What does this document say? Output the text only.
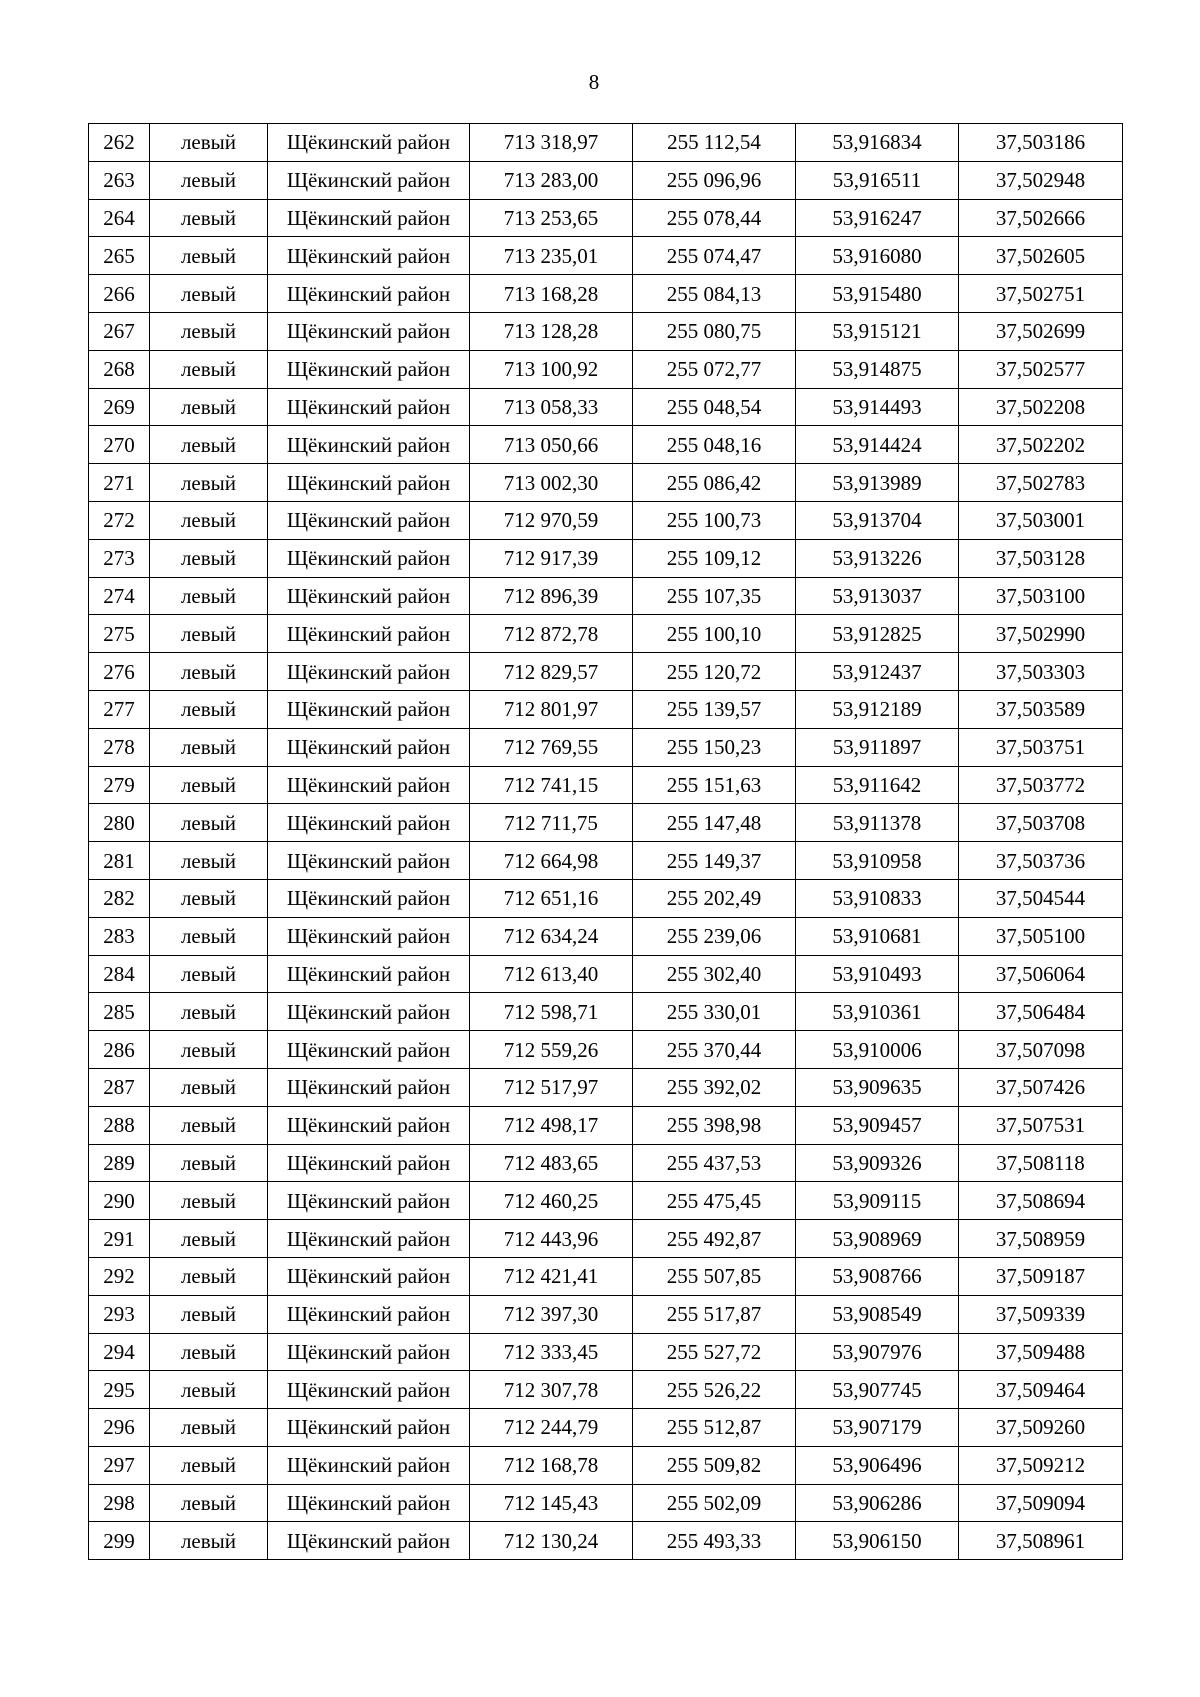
8
262	левый	Щёкинский район	713 318,97	255 112,54	53,916834	37,503186
263	левый	Щёкинский район	713 283,00	255 096,96	53,916511	37,502948
264	левый	Щёкинский район	713 253,65	255 078,44	53,916247	37,502666
265	левый	Щёкинский район	713 235,01	255 074,47	53,916080	37,502605
266	левый	Щёкинский район	713 168,28	255 084,13	53,915480	37,502751
267	левый	Щёкинский район	713 128,28	255 080,75	53,915121	37,502699
268	левый	Щёкинский район	713 100,92	255 072,77	53,914875	37,502577
269	левый	Щёкинский район	713 058,33	255 048,54	53,914493	37,502208
270	левый	Щёкинский район	713 050,66	255 048,16	53,914424	37,502202
271	левый	Щёкинский район	713 002,30	255 086,42	53,913989	37,502783
272	левый	Щёкинский район	712 970,59	255 100,73	53,913704	37,503001
273	левый	Щёкинский район	712 917,39	255 109,12	53,913226	37,503128
274	левый	Щёкинский район	712 896,39	255 107,35	53,913037	37,503100
275	левый	Щёкинский район	712 872,78	255 100,10	53,912825	37,502990
276	левый	Щёкинский район	712 829,57	255 120,72	53,912437	37,503303
277	левый	Щёкинский район	712 801,97	255 139,57	53,912189	37,503589
278	левый	Щёкинский район	712 769,55	255 150,23	53,911897	37,503751
279	левый	Щёкинский район	712 741,15	255 151,63	53,911642	37,503772
280	левый	Щёкинский район	712 711,75	255 147,48	53,911378	37,503708
281	левый	Щёкинский район	712 664,98	255 149,37	53,910958	37,503736
282	левый	Щёкинский район	712 651,16	255 202,49	53,910833	37,504544
283	левый	Щёкинский район	712 634,24	255 239,06	53,910681	37,505100
284	левый	Щёкинский район	712 613,40	255 302,40	53,910493	37,506064
285	левый	Щёкинский район	712 598,71	255 330,01	53,910361	37,506484
286	левый	Щёкинский район	712 559,26	255 370,44	53,910006	37,507098
287	левый	Щёкинский район	712 517,97	255 392,02	53,909635	37,507426
288	левый	Щёкинский район	712 498,17	255 398,98	53,909457	37,507531
289	левый	Щёкинский район	712 483,65	255 437,53	53,909326	37,508118
290	левый	Щёкинский район	712 460,25	255 475,45	53,909115	37,508694
291	левый	Щёкинский район	712 443,96	255 492,87	53,908969	37,508959
292	левый	Щёкинский район	712 421,41	255 507,85	53,908766	37,509187
293	левый	Щёкинский район	712 397,30	255 517,87	53,908549	37,509339
294	левый	Щёкинский район	712 333,45	255 527,72	53,907976	37,509488
295	левый	Щёкинский район	712 307,78	255 526,22	53,907745	37,509464
296	левый	Щёкинский район	712 244,79	255 512,87	53,907179	37,509260
297	левый	Щёкинский район	712 168,78	255 509,82	53,906496	37,509212
298	левый	Щёкинский район	712 145,43	255 502,09	53,906286	37,509094
299	левый	Щёкинский район	712 130,24	255 493,33	53,906150	37,508961
